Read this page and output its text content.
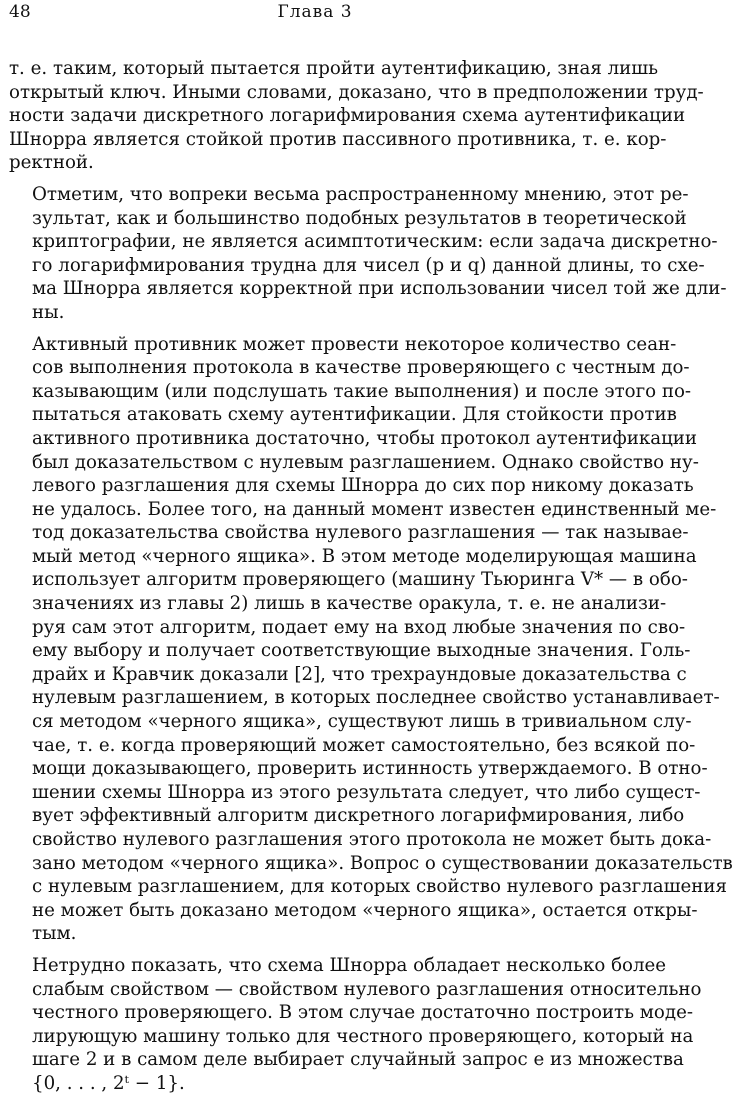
48	Глава 3
т. е. таким, который пытается пройти аутентификацию, зная лишь
открытый ключ. Иными словами, доказано, что в предположении труд-
ности задачи дискретного логарифмирования схема аутентификации
Шнорра является стойкой против пассивного противника, т. е. кор-
ректной.
Отметим, что вопреки весьма распространенному мнению, этот ре-
зультат, как и большинство подобных результатов в теоретической
криптографии, не является асимптотическим: если задача дискретно-
го логарифмирования трудна для чисел (p и q) данной длины, то схе-
ма Шнорра является корректной при использовании чисел той же дли-
ны.
Активный противник может провести некоторое количество сеан-
сов выполнения протокола в качестве проверяющего с честным до-
казывающим (или подслушать такие выполнения) и после этого по-
пытаться атаковать схему аутентификации. Для стойкости против
активного противника достаточно, чтобы протокол аутентификации
был доказательством с нулевым разглашением. Однако свойство ну-
левого разглашения для схемы Шнорра до сих пор никому доказать
не удалось. Более того, на данный момент известен единственный ме-
тод доказательства свойства нулевого разглашения — так называе-
мый метод «черного ящика». В этом методе моделирующая машина
использует алгоритм проверяющего (машину Тьюринга V* — в обо-
значениях из главы 2) лишь в качестве оракула, т. е. не анализи-
руя сам этот алгоритм, подает ему на вход любые значения по сво-
ему выбору и получает соответствующие выходные значения. Голь-
драйх и Кравчик доказали [2], что трехраундовые доказательства с
нулевым разглашением, в которых последнее свойство устанавливает-
ся методом «черного ящика», существуют лишь в тривиальном слу-
чае, т. е. когда проверяющий может самостоятельно, без всякой по-
мощи доказывающего, проверить истинность утверждаемого. В отно-
шении схемы Шнорра из этого результата следует, что либо сущест-
вует эффективный алгоритм дискретного логарифмирования, либо
свойство нулевого разглашения этого протокола не может быть дока-
зано методом «черного ящика». Вопрос о существовании доказательств
с нулевым разглашением, для которых свойство нулевого разглашения
не может быть доказано методом «черного ящика», остается откры-
тым.
Нетрудно показать, что схема Шнорра обладает несколько более
слабым свойством — свойством нулевого разглашения относительно
честного проверяющего. В этом случае достаточно построить моде-
лирующую машину только для честного проверяющего, который на
шаге 2 и в самом деле выбирает случайный запрос e из множества
{0, . . . , 2ᵗ − 1}.
